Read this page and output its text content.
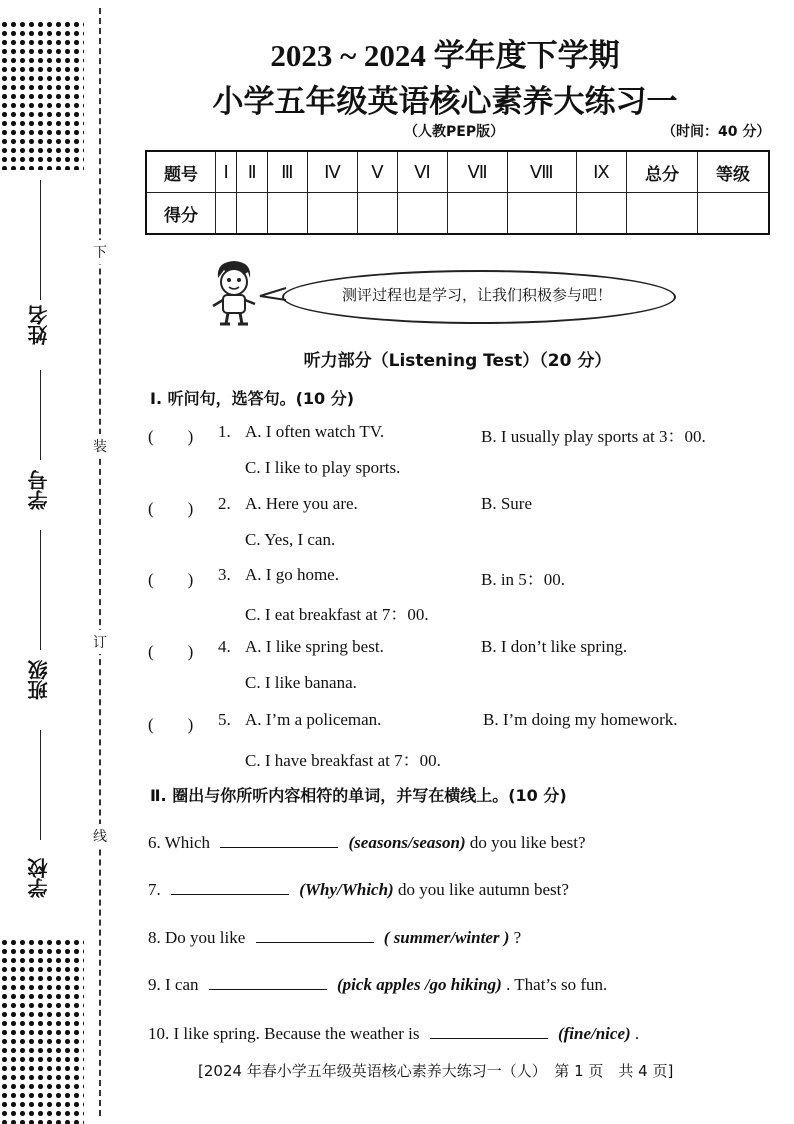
姓名
学号
班级
学校
下
装
订
线
2023 ~ 2024 学年度下学期
小学五年级英语核心素养大练习一
（人教PEP版）	（时间：40 分）
题号	Ⅰ	Ⅱ	Ⅲ	Ⅳ	Ⅴ	Ⅵ	Ⅶ	Ⅷ	Ⅸ	总分	等级
得分											
测评过程也是学习，让我们积极参与吧！
听力部分（Listening Test）（20 分）
Ⅰ. 听问句，选答句。(10 分)
(　　) 1. A. I often watch TV.	B. I usually play sports at 3：00.
C. I like to play sports.
(　　) 2. A. Here you are.	B. Sure
C. Yes, I can.
(　　) 3. A. I go home.	B. in 5：00.
C. I eat breakfast at 7：00.
(　　) 4. A. I like spring best.	B. I don’t like spring.
C. I like banana.
(　　) 5. A. I’m a policeman.	B. I’m doing my homework.
C. I have breakfast at 7：00.
Ⅱ. 圈出与你所听内容相符的单词，并写在横线上。(10 分)
6. Which	(seasons/season) do you like best?
7.	(Why/Which) do you like autumn best?
8. Do you like	( summer/winter ) ?
9. I can	(pick apples /go hiking) . That’s so fun.
10. I like spring. Because the weather is	(fine/nice) .
[2024 年春小学五年级英语核心素养大练习一（人）　第 1 页　共 4 页]
